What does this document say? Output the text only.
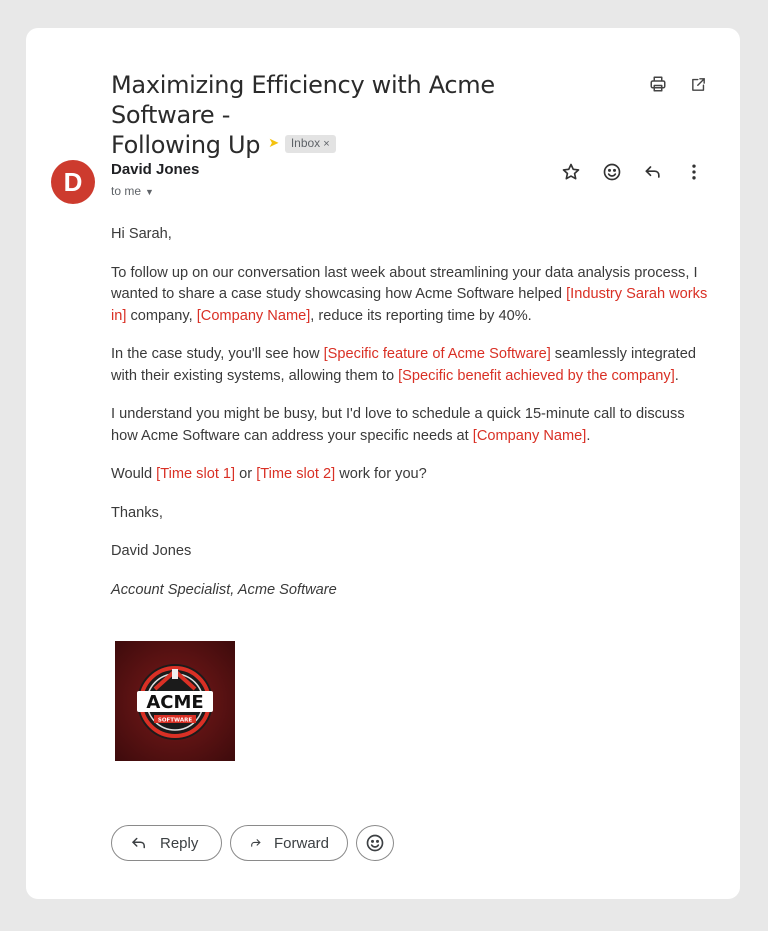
Maximizing Efficiency with Acme Software -
Following Up ➤ Inbox ×
D	David Jones
to me ▼

Hi Sarah,

To follow up on our conversation last week about streamlining your data analysis process, I wanted to share a case study showcasing how Acme Software helped [Industry Sarah works in] company, [Company Name], reduce its reporting time by 40%.

In the case study, you'll see how [Specific feature of Acme Software] seamlessly integrated with their existing systems, allowing them to [Specific benefit achieved by the company].

I understand you might be busy, but I'd love to schedule a quick 15-minute call to discuss how Acme Software can address your specific needs at [Company Name].

Would [Time slot 1] or [Time slot 2] work for you?

Thanks,

David Jones

Account Specialist, Acme Software

ACME
SOFTWARE
Reply	Forward
